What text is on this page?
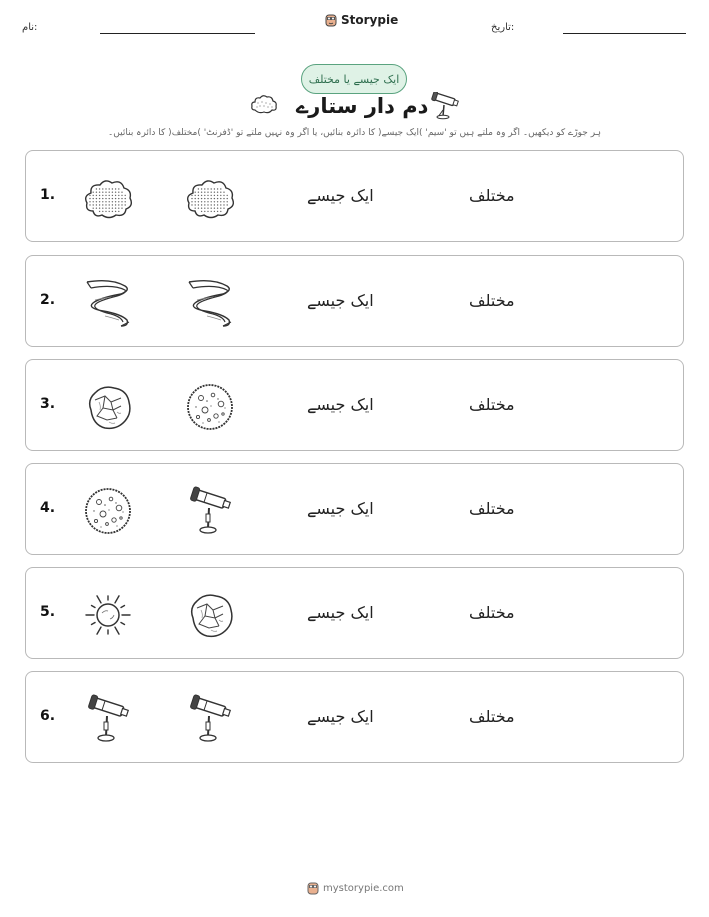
نام:
Storypie
تاریخ:
ایک جیسے یا مختلف
دم دار ستارے
ہر جوڑے کو دیکھیں۔ اگر وہ ملتے ہیں تو 'سیم' )ایک جیسے( کا دائرہ بنائیں، یا اگر وہ نہیں ملتے تو 'ڈفرنٹ' )مختلف( کا دائرہ بنائیں۔
1.	ایک جیسے	مختلف
2.	ایک جیسے	مختلف
3.	ایک جیسے	مختلف
4.	ایک جیسے	مختلف
5.	ایک جیسے	مختلف
6.	ایک جیسے	مختلف
mystorypie.com
